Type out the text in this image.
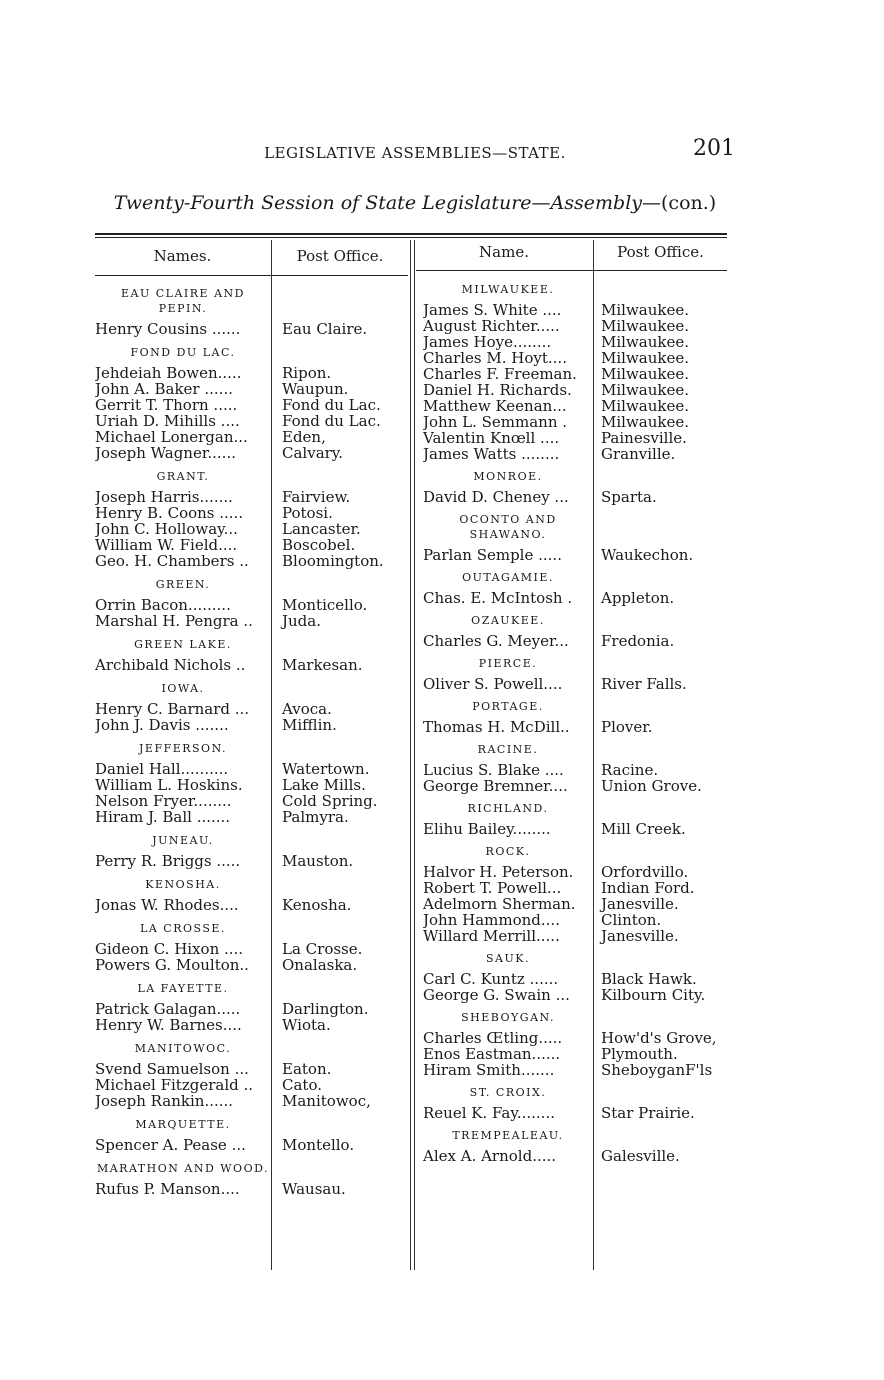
LEGISLATIVE ASSEMBLIES—STATE.	201
Twenty-Fourth Session of State Legislature—Assembly—(con.)
Names.	Post Office.	Name.	Post Office.
EAU CLAIRE AND PEPIN.
Henry Cousins ......	Eau Claire.
FOND DU LAC.
Jehdeiah Bowen.....	Ripon.
John A. Baker ......	Waupun.
Gerrit T. Thorn .....	Fond du Lac.
Uriah D. Mihills ....	Fond du Lac.
Michael Lonergan...	Eden,
Joseph Wagner......	Calvary.
GRANT.
Joseph Harris.......	Fairview.
Henry B. Coons .....	Potosi.
John C. Holloway...	Lancaster.
William W. Field....	Boscobel.
Geo. H. Chambers ..	Bloomington.
GREEN.
Orrin Bacon.........	Monticello.
Marshal H. Pengra ..	Juda.
GREEN LAKE.
Archibald Nichols ..	Markesan.
IOWA.
Henry C. Barnard ...	Avoca.
John J. Davis .......	Mifflin.
JEFFERSON.
Daniel Hall..........	Watertown.
William L. Hoskins.	Lake Mills.
Nelson Fryer........	Cold Spring.
Hiram J. Ball .......	Palmyra.
JUNEAU.
Perry R. Briggs .....	Mauston.
KENOSHA.
Jonas W. Rhodes....	Kenosha.
LA CROSSE.
Gideon C. Hixon ....	La Crosse.
Powers G. Moulton..	Onalaska.
LA FAYETTE.
Patrick Galagan.....	Darlington.
Henry W. Barnes....	Wiota.
MANITOWOC.
Svend Samuelson ...	Eaton.
Michael Fitzgerald ..	Cato.
Joseph Rankin......	Manitowoc,
MARQUETTE.
Spencer A. Pease ...	Montello.
MARATHON AND WOOD.
Rufus P. Manson....	Wausau.
MILWAUKEE.
James S. White ....	Milwaukee.
August Richter.....	Milwaukee.
James Hoye........	Milwaukee.
Charles M. Hoyt....	Milwaukee.
Charles F. Freeman.	Milwaukee.
Daniel H. Richards.	Milwaukee.
Matthew Keenan...	Milwaukee.
John L. Semmann .	Milwaukee.
Valentin Knœll ....	Painesville.
James Watts ........	Granville.
MONROE.
David D. Cheney ...	Sparta.
OCONTO AND SHAWANO.
Parlan Semple .....	Waukechon.
OUTAGAMIE.
Chas. E. McIntosh .	Appleton.
OZAUKEE.
Charles G. Meyer...	Fredonia.
PIERCE.
Oliver S. Powell....	River Falls.
PORTAGE.
Thomas H. McDill..	Plover.
RACINE.
Lucius S. Blake ....	Racine.
George Bremner....	Union Grove.
RICHLAND.
Elihu Bailey........	Mill Creek.
ROCK.
Halvor H. Peterson.	Orfordvillo.
Robert T. Powell...	Indian Ford.
Adelmorn Sherman.	Janesville.
John Hammond....	Clinton.
Willard Merrill.....	Janesville.
SAUK.
Carl C. Kuntz ......	Black Hawk.
George G. Swain ...	Kilbourn City.
SHEBOYGAN.
Charles Œtling.....	How'd's Grove,
Enos Eastman......	Plymouth.
Hiram Smith.......	SheboyganF'ls
ST. CROIX.
Reuel K. Fay........	Star Prairie.
TREMPEALEAU.
Alex A. Arnold.....	Galesville.
